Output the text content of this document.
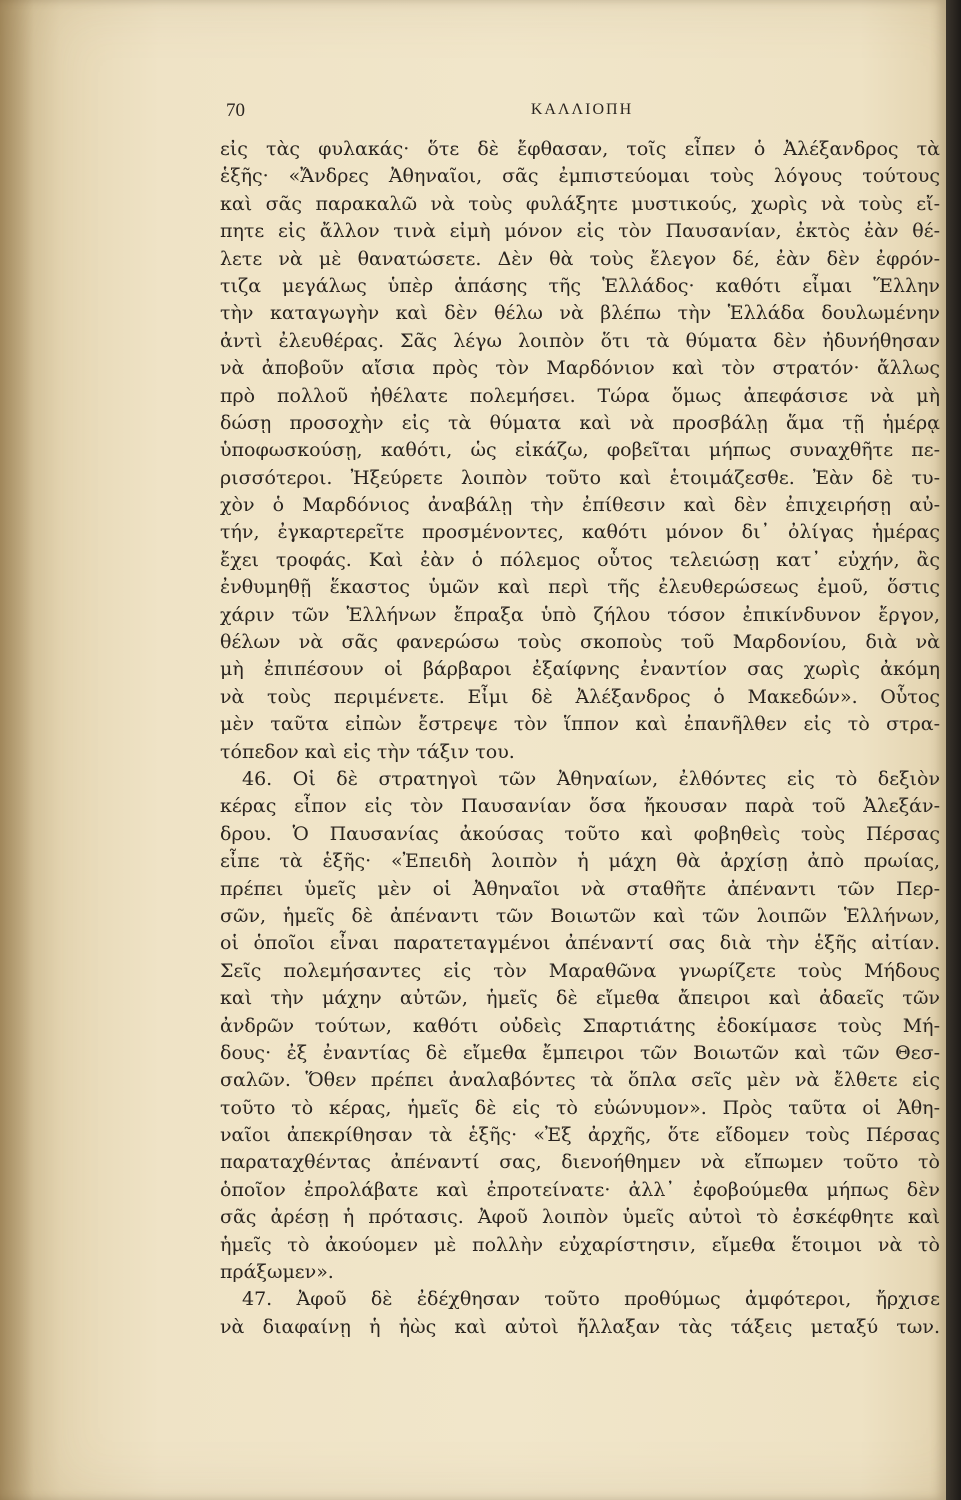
70	ΚΑΛΛΙΟΠΗ
εἰς τὰς φυλακάς· ὅτε δὲ ἔφθασαν, τοῖς εἶπεν ὁ Ἀλέξανδρος τὰ
ἑξῆς· «Ἄνδρες Ἀθηναῖοι, σᾶς ἐμπιστεύομαι τοὺς λόγους τούτους
καὶ σᾶς παρακαλῶ νὰ τοὺς φυλάξητε μυστικούς, χωρὶς νὰ τοὺς εἴ-
πητε εἰς ἄλλον τινὰ εἰμὴ μόνον εἰς τὸν Παυσανίαν, ἐκτὸς ἐὰν θέ-
λετε νὰ μὲ θανατώσετε. Δὲν θὰ τοὺς ἔλεγον δέ, ἐὰν δὲν ἐφρόν-
τιζα μεγάλως ὑπὲρ ἁπάσης τῆς Ἑλλάδος· καθότι εἶμαι Ἕλλην
τὴν καταγωγὴν καὶ δὲν θέλω νὰ βλέπω τὴν Ἑλλάδα δουλωμένην
ἀντὶ ἐλευθέρας. Σᾶς λέγω λοιπὸν ὅτι τὰ θύματα δὲν ἠδυνήθησαν
νὰ ἀποβοῦν αἴσια πρὸς τὸν Μαρδόνιον καὶ τὸν στρατόν· ἄλλως
πρὸ πολλοῦ ἠθέλατε πολεμήσει. Τώρα ὅμως ἀπεφάσισε νὰ μὴ
δώσῃ προσοχὴν εἰς τὰ θύματα καὶ νὰ προσβάλῃ ἅμα τῇ ἡμέρᾳ
ὑποφωσκούσῃ, καθότι, ὡς εἰκάζω, φοβεῖται μήπως συναχθῆτε πε-
ρισσότεροι. Ἠξεύρετε λοιπὸν τοῦτο καὶ ἑτοιμάζεσθε. Ἐὰν δὲ τυ-
χὸν ὁ Μαρδόνιος ἀναβάλῃ τὴν ἐπίθεσιν καὶ δὲν ἐπιχειρήσῃ αὐ-
τήν, ἐγκαρτερεῖτε προσμένοντες, καθότι μόνον δι᾽ ὀλίγας ἡμέρας
ἔχει τροφάς. Καὶ ἐὰν ὁ πόλεμος οὗτος τελειώσῃ κατ᾽ εὐχήν, ἂς
ἐνθυμηθῇ ἕκαστος ὑμῶν καὶ περὶ τῆς ἐλευθερώσεως ἐμοῦ, ὅστις
χάριν τῶν Ἑλλήνων ἔπραξα ὑπὸ ζήλου τόσον ἐπικίνδυνον ἔργον,
θέλων νὰ σᾶς φανερώσω τοὺς σκοποὺς τοῦ Μαρδονίου, διὰ νὰ
μὴ ἐπιπέσουν οἱ βάρβαροι ἐξαίφνης ἐναντίον σας χωρὶς ἀκόμη
νὰ τοὺς περιμένετε. Εἶμι δὲ Ἀλέξανδρος ὁ Μακεδών». Οὗτος
μὲν ταῦτα εἰπὼν ἔστρεψε τὸν ἵππον καὶ ἐπανῆλθεν εἰς τὸ στρα-
τόπεδον καὶ εἰς τὴν τάξιν του.
46. Οἱ δὲ στρατηγοὶ τῶν Ἀθηναίων, ἐλθόντες εἰς τὸ δεξιὸν
κέρας εἶπον εἰς τὸν Παυσανίαν ὅσα ἤκουσαν παρὰ τοῦ Ἀλεξάν-
δρου. Ὁ Παυσανίας ἀκούσας τοῦτο καὶ φοβηθεὶς τοὺς Πέρσας
εἶπε τὰ ἑξῆς· «Ἐπειδὴ λοιπὸν ἡ μάχη θὰ ἀρχίσῃ ἀπὸ πρωίας,
πρέπει ὑμεῖς μὲν οἱ Ἀθηναῖοι νὰ σταθῆτε ἀπέναντι τῶν Περ-
σῶν, ἡμεῖς δὲ ἀπέναντι τῶν Βοιωτῶν καὶ τῶν λοιπῶν Ἑλλήνων,
οἱ ὁποῖοι εἶναι παρατεταγμένοι ἀπέναντί σας διὰ τὴν ἑξῆς αἰτίαν.
Σεῖς πολεμήσαντες εἰς τὸν Μαραθῶνα γνωρίζετε τοὺς Μήδους
καὶ τὴν μάχην αὐτῶν, ἡμεῖς δὲ εἴμεθα ἄπειροι καὶ ἀδαεῖς τῶν
ἀνδρῶν τούτων, καθότι οὐδεὶς Σπαρτιάτης ἐδοκίμασε τοὺς Μή-
δους· ἐξ ἐναντίας δὲ εἴμεθα ἔμπειροι τῶν Βοιωτῶν καὶ τῶν Θεσ-
σαλῶν. Ὅθεν πρέπει ἀναλαβόντες τὰ ὅπλα σεῖς μὲν νὰ ἔλθετε εἰς
τοῦτο τὸ κέρας, ἡμεῖς δὲ εἰς τὸ εὐώνυμον». Πρὸς ταῦτα οἱ Ἀθη-
ναῖοι ἀπεκρίθησαν τὰ ἑξῆς· «Ἐξ ἀρχῆς, ὅτε εἴδομεν τοὺς Πέρσας
παραταχθέντας ἀπέναντί σας, διενοήθημεν νὰ εἴπωμεν τοῦτο τὸ
ὁποῖον ἐπρολάβατε καὶ ἐπροτείνατε· ἀλλ᾽ ἐφοβούμεθα μήπως δὲν
σᾶς ἀρέσῃ ἡ πρότασις. Ἀφοῦ λοιπὸν ὑμεῖς αὐτοὶ τὸ ἐσκέφθητε καὶ
ἡμεῖς τὸ ἀκούομεν μὲ πολλὴν εὐχαρίστησιν, εἴμεθα ἕτοιμοι νὰ τὸ
πράξωμεν».
47. Ἀφοῦ δὲ ἐδέχθησαν τοῦτο προθύμως ἀμφότεροι, ἤρχισε
νὰ διαφαίνῃ ἡ ἠὼς καὶ αὐτοὶ ἤλλαξαν τὰς τάξεις μεταξύ των.
